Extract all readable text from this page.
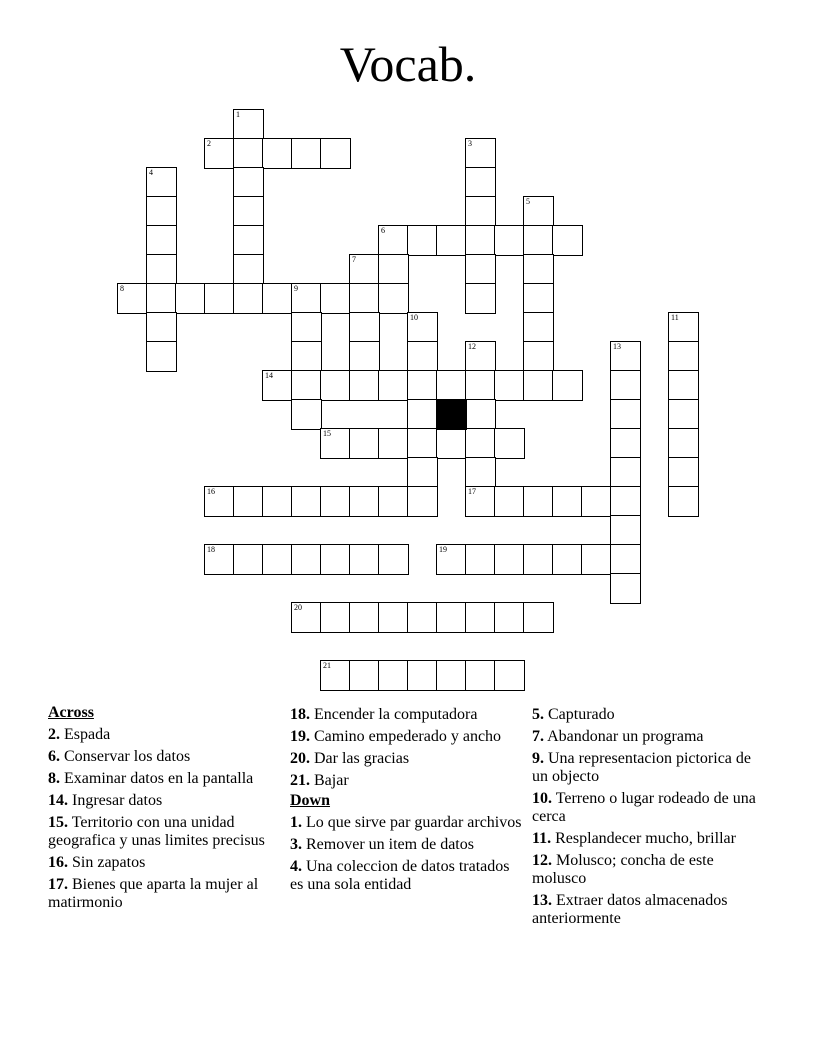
Vocab.
1
2	3
4
5
6
7
8	9
10	11
12	13
14
15
16	17
18	19
20
21
Across
2. Espada
6. Conservar los datos
8. Examinar datos en la pantalla
14. Ingresar datos
15. Territorio con una unidad geografica y unas limites precisus
16. Sin zapatos
17. Bienes que aparta la mujer al matirmonio
18. Encender la computadora
19. Camino empederado y ancho
20. Dar las gracias
21. Bajar
Down
1. Lo que sirve par guardar archivos
3. Remover un item de datos
4. Una coleccion de datos tratados es una sola entidad
5. Capturado
7. Abandonar un programa
9. Una representacion pictorica de un objecto
10. Terreno o lugar rodeado de una cerca
11. Resplandecer mucho, brillar
12. Molusco; concha de este molusco
13. Extraer datos almacenados anteriormente
